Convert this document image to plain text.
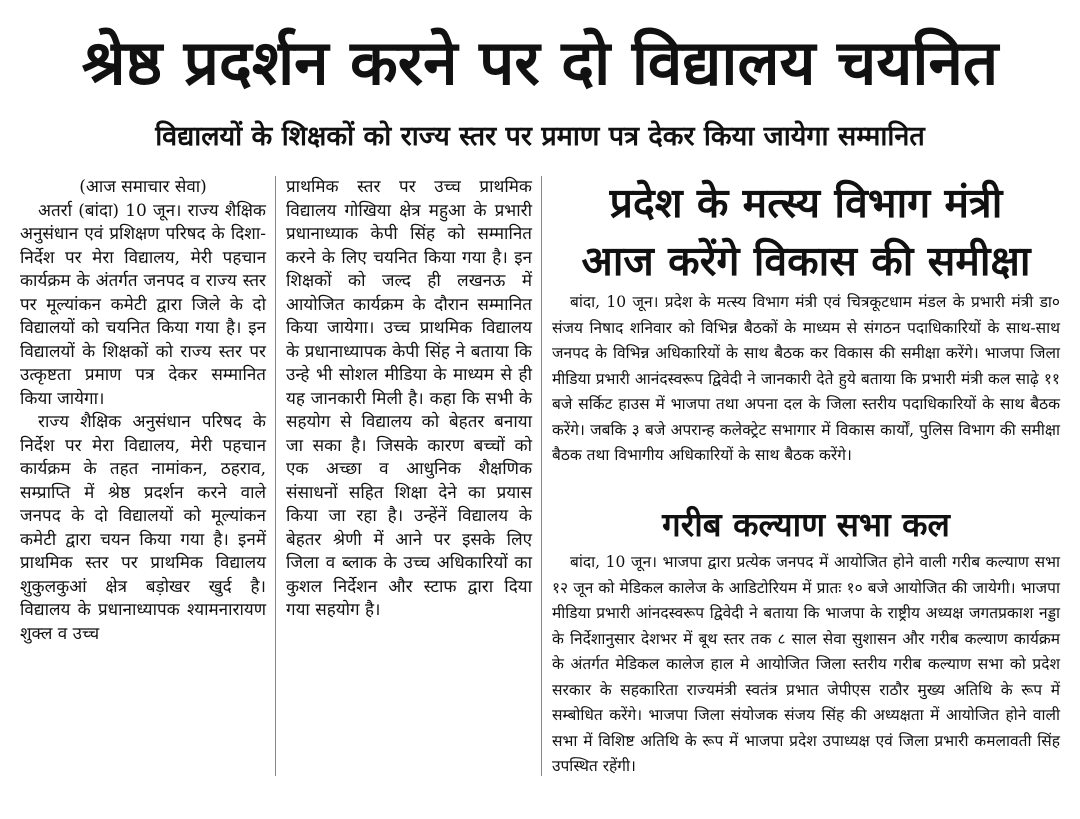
श्रेष्ठ प्रदर्शन करने पर दो विद्यालय चयनित
विद्यालयों के शिक्षकों को राज्य स्तर पर प्रमाण पत्र देकर किया जायेगा सम्मानित

(आज समाचार सेवा)

अतर्रा (बांदा) 10 जून। राज्य शैक्षिक अनुसंधान एवं प्रशिक्षण परिषद के दिशा-निर्देश पर मेरा विद्यालय, मेरी पहचान कार्यक्रम के अंतर्गत जनपद व राज्य स्तर पर मूल्यांकन कमेटी द्वारा जिले के दो विद्यालयों को चयनित किया गया है। इन विद्यालयों के शिक्षकों को राज्य स्तर पर उत्कृष्टता प्रमाण पत्र देकर सम्मानित किया जायेगा।

राज्य शैक्षिक अनुसंधान परिषद के निर्देश पर मेरा विद्यालय, मेरी पहचान कार्यक्रम के तहत नामांकन, ठहराव, सम्प्राप्ति में श्रेष्ठ प्रदर्शन करने वाले जनपद के दो विद्यालयों को मूल्यांकन कमेटी द्वारा चयन किया गया है। इनमें प्राथमिक स्तर पर प्राथमिक विद्यालय शुकुलकुआं क्षेत्र बड़ोखर खुर्द है। विद्यालय के प्रधानाध्यापक श्यामनारायण शुक्ल व उच्च

प्राथमिक स्तर पर उच्च प्राथमिक विद्यालय गोखिया क्षेत्र महुआ के प्रभारी प्रधानाध्याक केपी सिंह को सम्मानित करने के लिए चयनित किया गया है। इन शिक्षकों को जल्द ही लखनऊ में आयोजित कार्यक्रम के दौरान सम्मानित किया जायेगा। उच्च प्राथमिक विद्यालय के प्रधानाध्यापक केपी सिंह ने बताया कि उन्हे भी सोशल मीडिया के माध्यम से ही यह जानकारी मिली है। कहा कि सभी के सहयोग से विद्यालय को बेहतर बनाया जा सका है। जिसके कारण बच्चों को एक अच्छा व आधुनिक शैक्षणिक संसाधनों सहित शिक्षा देने का प्रयास किया जा रहा है। उन्हेंनें विद्यालय के बेहतर श्रेणी में आने पर इसके लिए जिला व ब्लाक के उच्च अधिकारियों का कुशल निर्देशन और स्टाफ द्वारा दिया गया सहयोग है।

प्रदेश के मत्स्य विभाग मंत्री
आज करेंगे विकास की समीक्षा

बांदा, 10 जून। प्रदेश के मत्स्य विभाग मंत्री एवं चित्रकूटधाम मंडल के प्रभारी मंत्री डा० संजय निषाद शनिवार को विभिन्न बैठकों के माध्यम से संगठन पदाधिकारियों के साथ-साथ जनपद के विभिन्न अधिकारियों के साथ बैठक कर विकास की समीक्षा करेंगे। भाजपा जिला मीडिया प्रभारी आनंदस्वरूप द्विवेदी ने जानकारी देते हुये बताया कि प्रभारी मंत्री कल साढ़े ११ बजे सर्किट हाउस में भाजपा तथा अपना दल के जिला स्तरीय पदाधिकारियों के साथ बैठक करेंगे। जबकि ३ बजे अपरान्ह कलेक्ट्रेट सभागार में विकास कार्यों, पुलिस विभाग की समीक्षा बैठक तथा विभागीय अधिकारियों के साथ बैठक करेंगे।

गरीब कल्याण सभा कल

बांदा, 10 जून। भाजपा द्वारा प्रत्येक जनपद में आयोजित होने वाली गरीब कल्याण सभा १२ जून को मेडिकल कालेज के आडिटोरियम में प्रातः १० बजे आयोजित की जायेगी। भाजपा मीडिया प्रभारी आंनदस्वरूप द्विवेदी ने बताया कि भाजपा के राष्ट्रीय अध्यक्ष जगतप्रकाश नड्डा के निर्देशानुसार देशभर में बूथ स्तर तक ८ साल सेवा सुशासन और गरीब कल्याण कार्यक्रम के अंतर्गत मेडिकल कालेज हाल मे आयोजित जिला स्तरीय गरीब कल्याण सभा को प्रदेश सरकार के सहकारिता राज्यमंत्री स्वतंत्र प्रभात जेपीएस राठौर मुख्य अतिथि के रूप में सम्बोधित करेंगे। भाजपा जिला संयोजक संजय सिंह की अध्यक्षता में आयोजित होने वाली सभा में विशिष्ट अतिथि के रूप में भाजपा प्रदेश उपाध्यक्ष एवं जिला प्रभारी कमलावती सिंह उपस्थित रहेंगी।
